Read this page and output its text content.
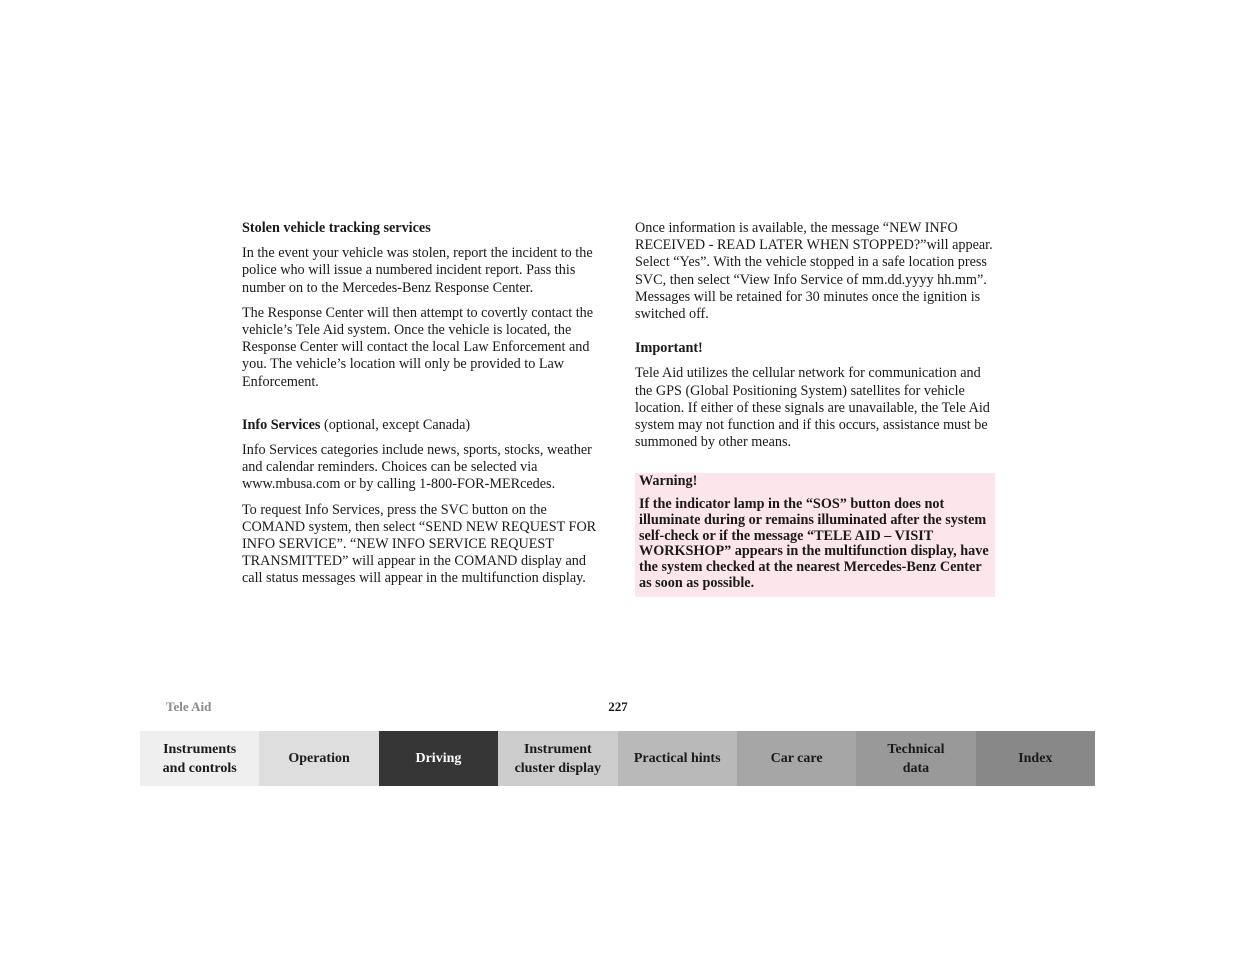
Stolen vehicle tracking services

In the event your vehicle was stolen, report the incident to the police who will issue a numbered incident report. Pass this number on to the Mercedes-Benz Response Center.

The Response Center will then attempt to covertly contact the vehicle’s Tele Aid system. Once the vehicle is located, the Response Center will contact the local Law Enforcement and you. The vehicle’s location will only be provided to Law Enforcement.

Info Services (optional, except Canada)

Info Services categories include news, sports, stocks, weather and calendar reminders. Choices can be selected via www.mbusa.com or by calling 1-800-FOR-MERcedes.

To request Info Services, press the SVC button on the COMAND system, then select “SEND NEW REQUEST FOR INFO SERVICE”. “NEW INFO SERVICE REQUEST TRANSMITTED” will appear in the COMAND display and call status messages will appear in the multifunction display.

Once information is available, the message “NEW INFO RECEIVED - READ LATER WHEN STOPPED?”will appear. Select “Yes”. With the vehicle stopped in a safe location press SVC, then select “View Info Service of mm.dd.yyyy hh.mm”. Messages will be retained for 30 minutes once the ignition is switched off.

Important!

Tele Aid utilizes the cellular network for communication and the GPS (Global Positioning System) satellites for vehicle location. If either of these signals are unavailable, the Tele Aid system may not function and if this occurs, assistance must be summoned by other means.

Warning!
If the indicator lamp in the “SOS” button does not illuminate during or remains illuminated after the system self-check or if the message “TELE AID – VISIT WORKSHOP” appears in the multifunction display, have the system checked at the nearest Mercedes-Benz Center as soon as possible.
Tele Aid	227
Instruments
and controls
Operation	Driving
Instrument
cluster display
Practical hints	Car care
Technical
data
Index
